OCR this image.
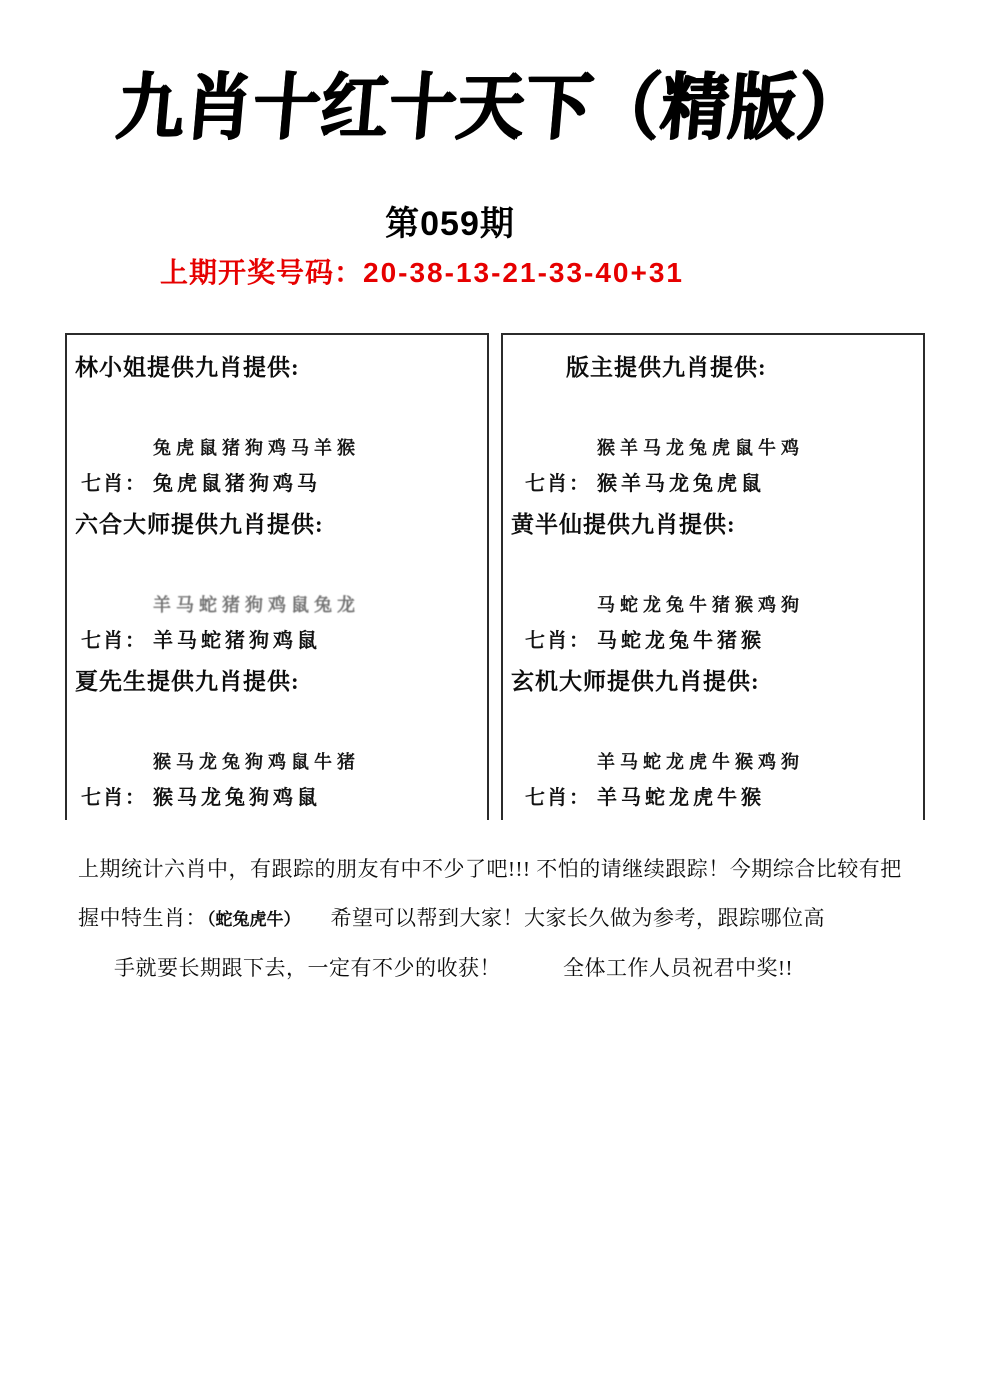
九肖十红十天下（精版）
第059期
上期开奖号码：20-38-13-21-33-40+31
林小姐提供九肖提供:
兔虎鼠猪狗鸡马羊猴
七肖： 兔虎鼠猪狗鸡马
六合大师提供九肖提供:
羊马蛇猪狗鸡鼠兔龙
七肖： 羊马蛇猪狗鸡鼠
夏先生提供九肖提供:
猴马龙兔狗鸡鼠牛猪
七肖： 猴马龙兔狗鸡鼠
版主提供九肖提供:
猴羊马龙兔虎鼠牛鸡
七肖： 猴羊马龙兔虎鼠
黄半仙提供九肖提供:
马蛇龙兔牛猪猴鸡狗
七肖： 马蛇龙兔牛猪猴
玄机大师提供九肖提供:
羊马蛇龙虎牛猴鸡狗
七肖： 羊马蛇龙虎牛猴
上期统计六肖中，有跟踪的朋友有中不少了吧!!! 不怕的请继续跟踪！今期综合比较有把
握中特生肖：（蛇兔虎牛） 希望可以帮到大家！大家长久做为参考，跟踪哪位高
手就要长期跟下去，一定有不少的收获！	全体工作人员祝君中奖!!
